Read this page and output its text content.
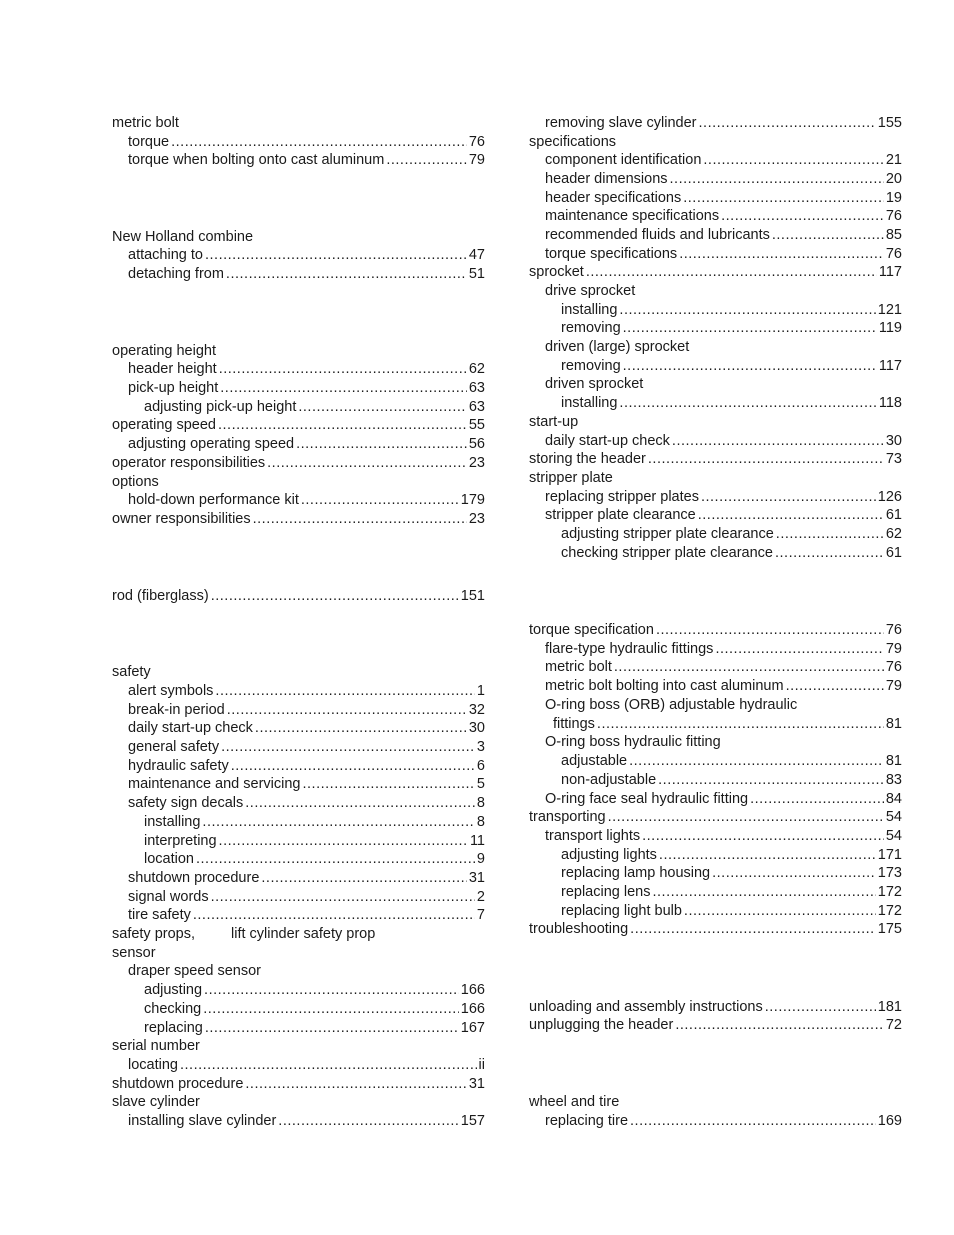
metric bolt
torque .....	76
torque when bolting onto cast aluminum .....	79
New Holland combine
attaching to .....	47
detaching from .....	51
operating height
header height .....	62
pick-up height .....	63
adjusting pick-up height .....	63
operating speed .....	55
adjusting operating speed .....	56
operator responsibilities .....	23
options
hold-down performance kit .....	179
owner responsibilities .....	23
rod (fiberglass) .....	151
safety
alert symbols .....	1
break-in period .....	32
daily start-up check .....	30
general safety .....	3
hydraulic safety .....	6
maintenance and servicing .....	5
safety sign decals .....	8
installing .....	8
interpreting .....	11
location .....	9
shutdown procedure .....	31
signal words .....	2
tire safety .....	7
safety props, lift cylinder safety prop
sensor
draper speed sensor
adjusting .....	166
checking .....	166
replacing .....	167
serial number
locating .....	ii
shutdown procedure .....	31
slave cylinder
installing slave cylinder .....	157
removing slave cylinder .....	155
specifications
component identification .....	21
header dimensions .....	20
header specifications .....	19
maintenance specifications .....	76
recommended fluids and lubricants .....	85
torque specifications .....	76
sprocket .....	117
drive sprocket
installing .....	121
removing .....	119
driven (large) sprocket
removing .....	117
driven sprocket
installing .....	118
start-up
daily start-up check .....	30
storing the header .....	73
stripper plate
replacing stripper plates .....	126
stripper plate clearance .....	61
adjusting stripper plate clearance .....	62
checking stripper plate clearance .....	61
torque specification .....	76
flare-type hydraulic fittings .....	79
metric bolt .....	76
metric bolt bolting into cast aluminum .....	79
O-ring boss (ORB) adjustable hydraulic
fittings .....	81
O-ring boss hydraulic fitting
adjustable .....	81
non-adjustable .....	83
O-ring face seal hydraulic fitting .....	84
transporting .....	54
transport lights .....	54
adjusting lights .....	171
replacing lamp housing .....	173
replacing lens .....	172
replacing light bulb .....	172
troubleshooting .....	175
unloading and assembly instructions .....	181
unplugging the header .....	72
wheel and tire
replacing tire .....	169
